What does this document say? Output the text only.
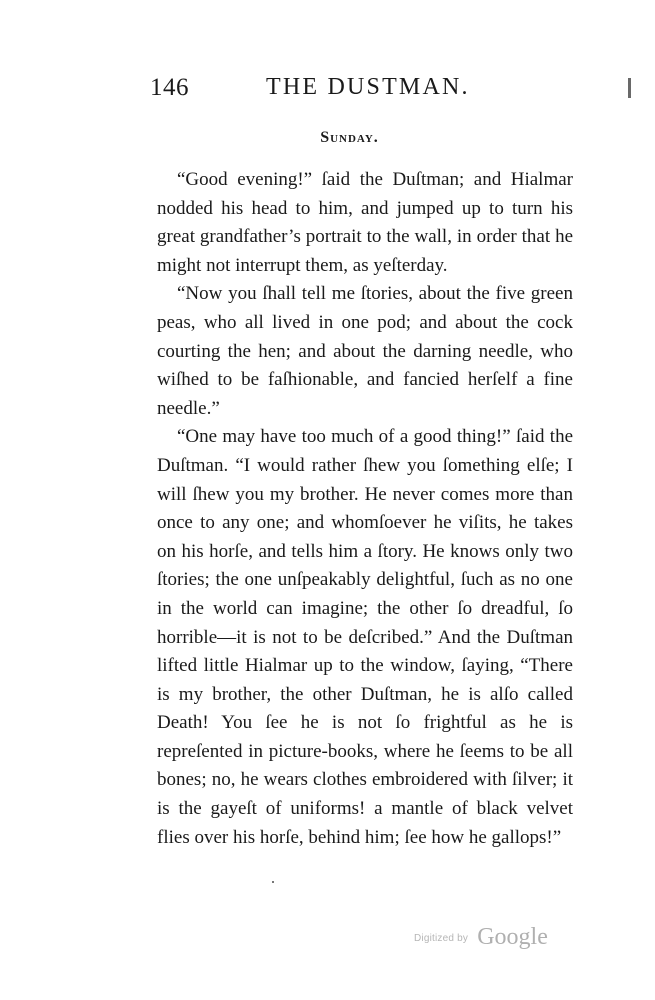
146	THE DUSTMAN.
Sunday.

“Good evening!” ſaid the Duſtman; and Hialmar nodded his head to him, and jumped up to turn his great grandfather’s portrait to the wall, in order that he might not interrupt them, as yeſterday.

“Now you ſhall tell me ſtories, about the five green peas, who all lived in one pod; and about the cock courting the hen; and about the darning needle, who wiſhed to be faſhionable, and fancied herſelf a fine needle.”

“One may have too much of a good thing!” ſaid the Duſtman. “I would rather ſhew you ſomething elſe; I will ſhew you my brother. He never comes more than once to any one; and whomſoever he viſits, he takes on his horſe, and tells him a ſtory. He knows only two ſtories; the one unſpeakably delightful, ſuch as no one in the world can imagine; the other ſo dreadful, ſo horrible—it is not to be deſcribed.” And the Duſtman lifted little Hialmar up to the window, ſaying, “There is my brother, the other Duſtman, he is alſo called Death! You ſee he is not ſo frightful as he is repreſented in picture-books, where he ſeems to be all bones; no, he wears clothes embroidered with ſilver; it is the gayeſt of uniforms! a mantle of black velvet flies over his horſe, behind him; ſee how he gallops!”

Digitized by Google
